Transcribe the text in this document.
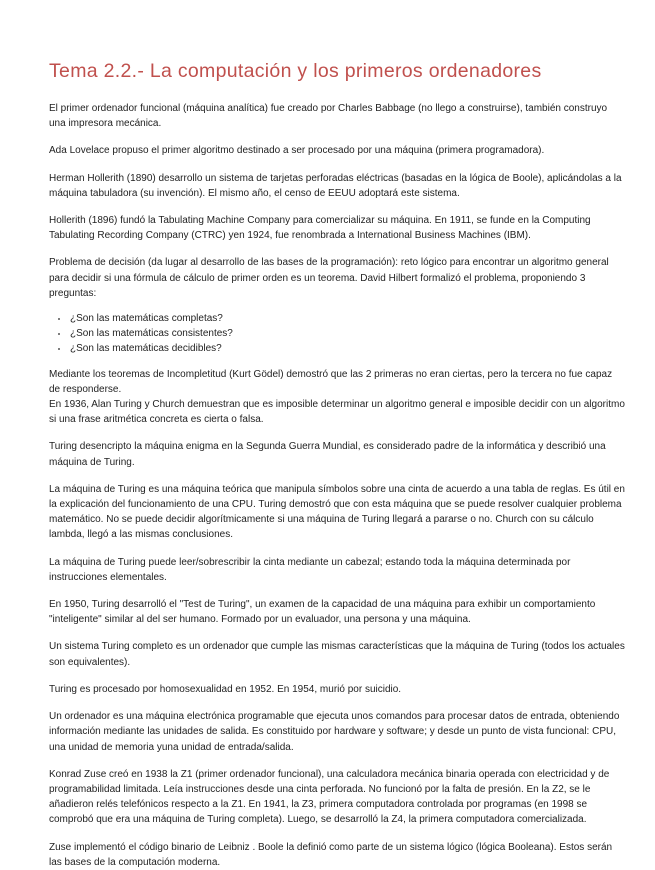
Tema 2.2.- La computación y los primeros ordenadores

El primer ordenador funcional (máquina analítica) fue creado por Charles Babbage (no llego a construirse), también construyo una impresora mecánica.

Ada Lovelace propuso el primer algoritmo destinado a ser procesado por una máquina (primera programadora).

Herman Hollerith (1890) desarrollo un sistema de tarjetas perforadas eléctricas (basadas en la lógica de Boole), aplicándolas a la máquina tabuladora (su invención). El mismo año, el censo de EEUU adoptará este sistema.

Hollerith (1896) fundó la Tabulating Machine Company para comercializar su máquina. En 1911, se funde en la Computing Tabulating Recording Company (CTRC) yen 1924, fue renombrada a International Business Machines (IBM).

Problema de decisión (da lugar al desarrollo de las bases de la programación): reto lógico para encontrar un algoritmo general para decidir si una fórmula de cálculo de primer orden es un teorema. David Hilbert formalizó el problema, proponiendo 3 preguntas:

• ¿Son las matemáticas completas?
• ¿Son las matemáticas consistentes?
• ¿Son las matemáticas decidibles?

Mediante los teoremas de Incompletitud (Kurt Gödel) demostró que las 2 primeras no eran ciertas, pero la tercera no fue capaz de responderse.
En 1936, Alan Turing y Church demuestran que es imposible determinar un algoritmo general e imposible decidir con un algoritmo si una frase aritmética concreta es cierta o falsa.

Turing desencripto la máquina enigma en la Segunda Guerra Mundial, es considerado padre de la informática y describió una máquina de Turing.

La máquina de Turing es una máquina teórica que manipula símbolos sobre una cinta de acuerdo a una tabla de reglas. Es útil en la explicación del funcionamiento de una CPU. Turing demostró que con esta máquina que se puede resolver cualquier problema matemático. No se puede decidir algorítmicamente si una máquina de Turing llegará a pararse o no. Church con su cálculo lambda, llegó a las mismas conclusiones.

La máquina de Turing puede leer/sobrescribir la cinta mediante un cabezal; estando toda la máquina determinada por instrucciones elementales.

En 1950, Turing desarrolló el "Test de Turing", un examen de la capacidad de una máquina para exhibir un comportamiento "inteligente" similar al del ser humano. Formado por un evaluador, una persona y una máquina.

Un sistema Turing completo es un ordenador que cumple las mismas características que la máquina de Turing (todos los actuales son equivalentes).

Turing es procesado por homosexualidad en 1952. En 1954, murió por suicidio.

Un ordenador es una máquina electrónica programable que ejecuta unos comandos para procesar datos de entrada, obteniendo información mediante las unidades de salida. Es constituido por hardware y software; y desde un punto de vista funcional: CPU, una unidad de memoria yuna unidad de entrada/salida.

Konrad Zuse creó en 1938 la Z1 (primer ordenador funcional), una calculadora mecánica binaria operada con electricidad y de programabilidad limitada. Leía instrucciones desde una cinta perforada. No funcionó por la falta de presión. En la Z2, se le añadieron relés telefónicos respecto a la Z1. En 1941, la Z3, primera computadora controlada por programas (en 1998 se comprobó que era una máquina de Turing completa). Luego, se desarrolló la Z4, la primera computadora comercializada.

Zuse implementó el código binario de Leibniz . Boole la definió como parte de un sistema lógico (lógica Booleana). Estos serán las bases de la computación moderna.
